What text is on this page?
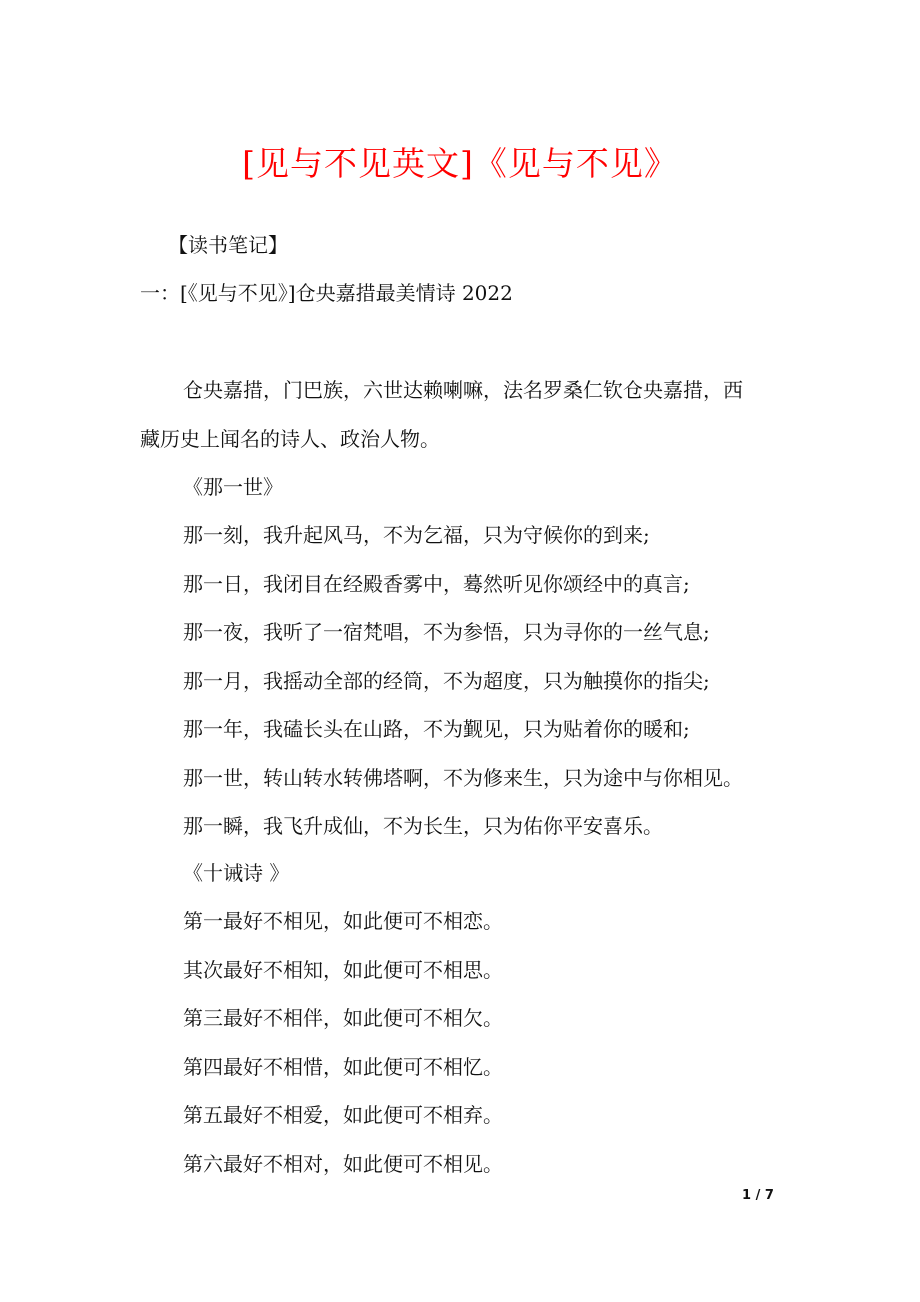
[见与不见英文]《见与不见》
【读书笔记】
一：[《见与不见》]仓央嘉措最美情诗 2022
仓央嘉措，门巴族，六世达赖喇嘛，法名罗桑仁钦仓央嘉措，西
藏历史上闻名的诗人、政治人物。
《那一世》
那一刻，我升起风马，不为乞福，只为守候你的到来;
那一日，我闭目在经殿香雾中，蓦然听见你颂经中的真言;
那一夜，我听了一宿梵唱，不为参悟，只为寻你的一丝气息;
那一月，我摇动全部的经筒，不为超度，只为触摸你的指尖;
那一年，我磕长头在山路，不为觐见，只为贴着你的暖和;
那一世，转山转水转佛塔啊，不为修来生，只为途中与你相见。
那一瞬，我飞升成仙，不为长生，只为佑你平安喜乐。
《十诫诗 》
第一最好不相见，如此便可不相恋。
其次最好不相知，如此便可不相思。
第三最好不相伴，如此便可不相欠。
第四最好不相惜，如此便可不相忆。
第五最好不相爱，如此便可不相弃。
第六最好不相对，如此便可不相见。
1 / 7
